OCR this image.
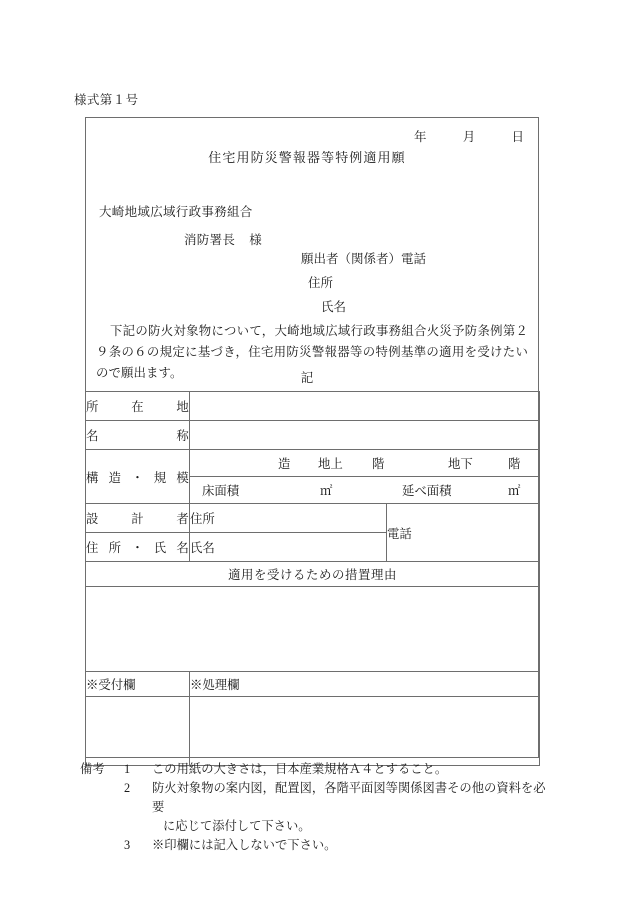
様式第１号
年	月	日
住宅用防災警報器等特例適用願
大崎地域広域行政事務組合
消防署長 様
願出者（関係者）電話
住所
氏名
下記の防火対象物について，大崎地域広域行政事務組合火災予防条例第２９条の６の規定に基づき，住宅用防災警報器等の特例基準の適用を受けたいので願出ます。	記
所　在　地		
名　　　称		
構造・規模	造 地上 階 地下 階	

	床面積 ㎡ 延べ面積 ㎡	

設　計　者	住所	電話
住所・氏名	氏名	
適用を受けるための措置理由		

※受付欄	※処理欄	

備考	1	この用紙の大きさは，日本産業規格Ａ４とすること。
2	防火対象物の案内図，配置図，各階平面図等関係図書その他の資料を必要
に応じて添付して下さい。
3	※印欄には記入しないで下さい。
